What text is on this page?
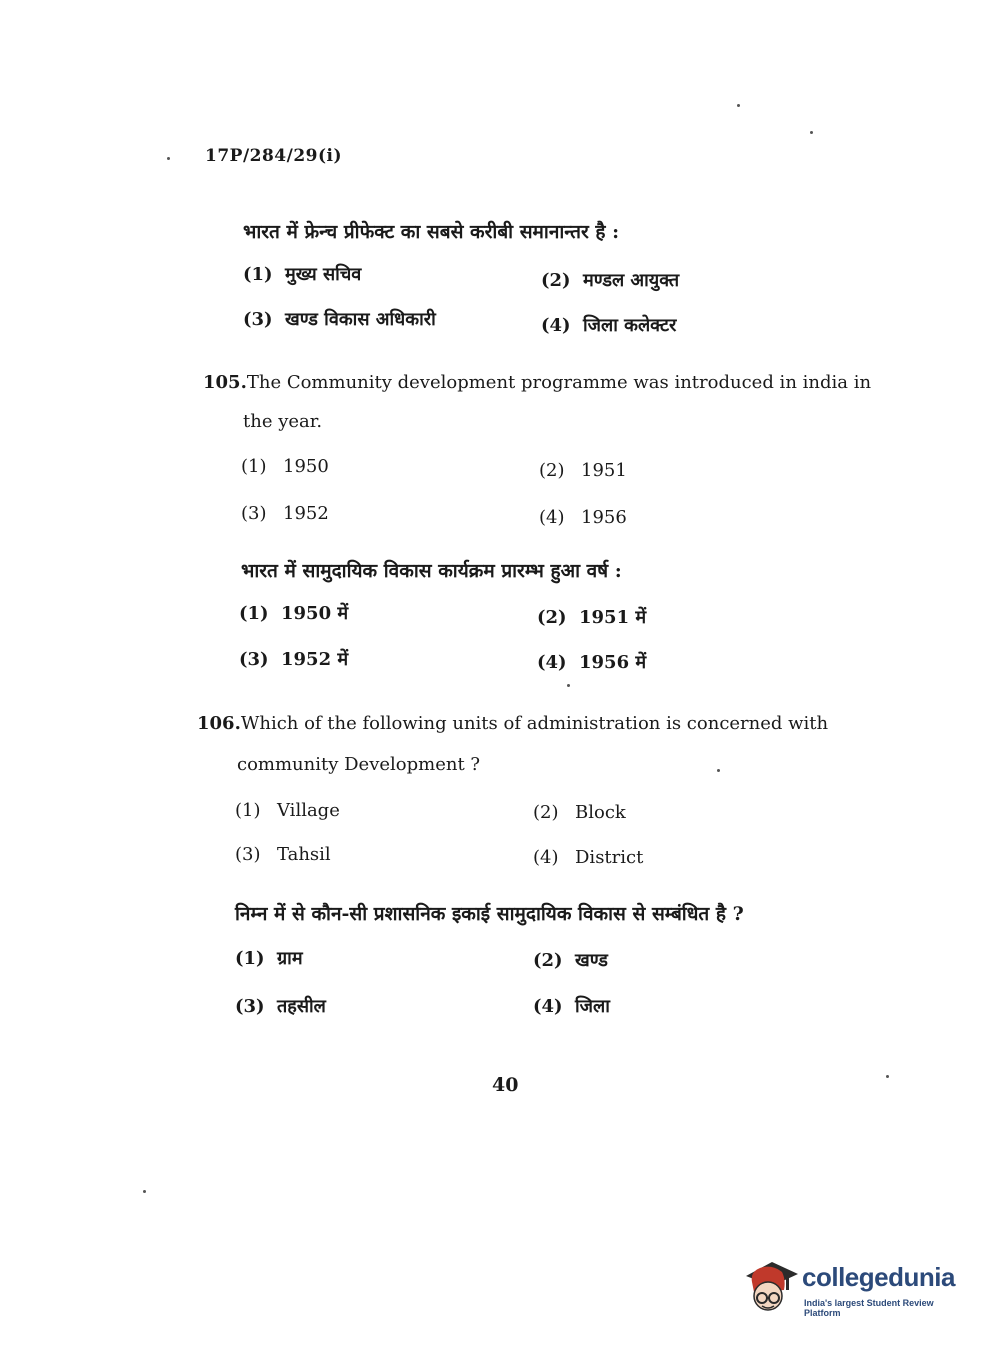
17P/284/29(i)
भारत में फ्रेन्च प्रीफेक्ट का सबसे करीबी समानान्तर है :
(1) मुख्य सचिव	(2) मण्डल आयुक्त
(3) खण्ड विकास अधिकारी	(4) जिला कलेक्टर
105.The Community development programme was introduced in india in
the year.
(1) 1950	(2) 1951
(3) 1952	(4) 1956
भारत में सामुदायिक विकास कार्यक्रम प्रारम्भ हुआ वर्ष :
(1) 1950 में	(2) 1951 में
(3) 1952 में	(4) 1956 में
106.Which of the following units of administration is concerned with
community Development ?
(1) Village	(2) Block
(3) Tahsil	(4) District
निम्न में से कौन-सी प्रशासनिक इकाई सामुदायिक विकास से सम्बंधित है ?
(1) ग्राम	(2) खण्ड
(3) तहसील	(4) जिला
40
collegedunia
India's largest Student Review Platform
